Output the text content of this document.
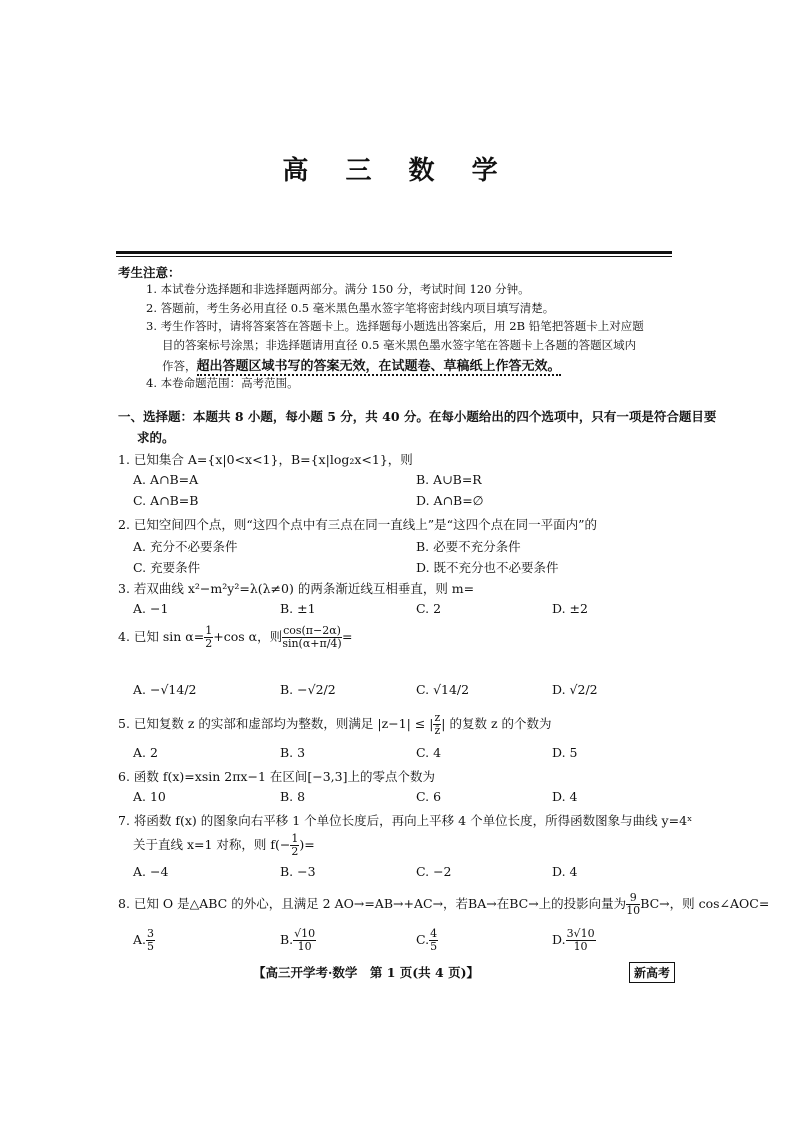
高 三 数 学
考生注意：
1. 本试卷分选择题和非选择题两部分。满分 150 分，考试时间 120 分钟。
2. 答题前，考生务必用直径 0.5 毫米黑色墨水签字笔将密封线内项目填写清楚。
3. 考生作答时，请将答案答在答题卡上。选择题每小题选出答案后，用 2B 铅笔把答题卡上对应题
目的答案标号涂黑；非选择题请用直径 0.5 毫米黑色墨水签字笔在答题卡上各题的答题区域内
作答，超出答题区域书写的答案无效，在试题卷、草稿纸上作答无效。
4. 本卷命题范围：高考范围。
一、选择题：本题共 8 小题，每小题 5 分，共 40 分。在每小题给出的四个选项中，只有一项是符合题目要
求的。
1. 已知集合 A={x|0<x<1}，B={x|log₂x<1}，则
A. A∩B=A	B. A∪B=R
C. A∩B=B	D. A∩B=∅
2. 已知空间四个点，则“这四个点中有三点在同一直线上”是“这四个点在同一平面内”的
A. 充分不必要条件	B. 必要不充分条件
C. 充要条件	D. 既不充分也不必要条件
3. 若双曲线 x²−m²y²=λ(λ≠0) 的两条渐近线互相垂直，则 m=
A. −1	B. ±1	C. 2	D. ±2
4. 已知 $\sin \alpha= \frac{1}{2} +\cos$ α，则 $\frac{\cos(\pi-2\alpha)}{\sin(\alpha+\pi/4)}$ =
A. −√14/2	B. −√2/2	C. √14/2	D. √2/2
5. 已知复数 z 的实部和虚部均为整数，则满足 |z−1| ≤ | $\frac{z}{z̄}$ | 的复数 z 的个数为
A. 2	B. 3	C. 4	D. 5
6. 函数 f(x)=xsin 2πx−1 在区间[−3,3]上的零点个数为
A. 10	B. 8	C. 6	D. 4
7. 将函数 f(x) 的图象向右平移 1 个单位长度后，再向上平移 4 个单位长度，所得函数图象与曲线 y=4ˣ
关于直线 x=1 对称，则 $f(- \frac{1}{2}$ )=
A. −4	B. −3	C. −2	D. 4
8. 已知 O 是△ABC 的外心，且满足 2 AO→=AB→+AC→，若BA→在BC→上的投影向量为 $\frac{9}{10} BC\to$，则 cos∠AOC=
A. $\frac{3}{5}$	B. $\frac{√10}{10}$	C. $\frac{4}{5}$	D. $\frac{3√10}{10}$
【高三开学考·数学　第 1 页(共 4 页)】	新高考
